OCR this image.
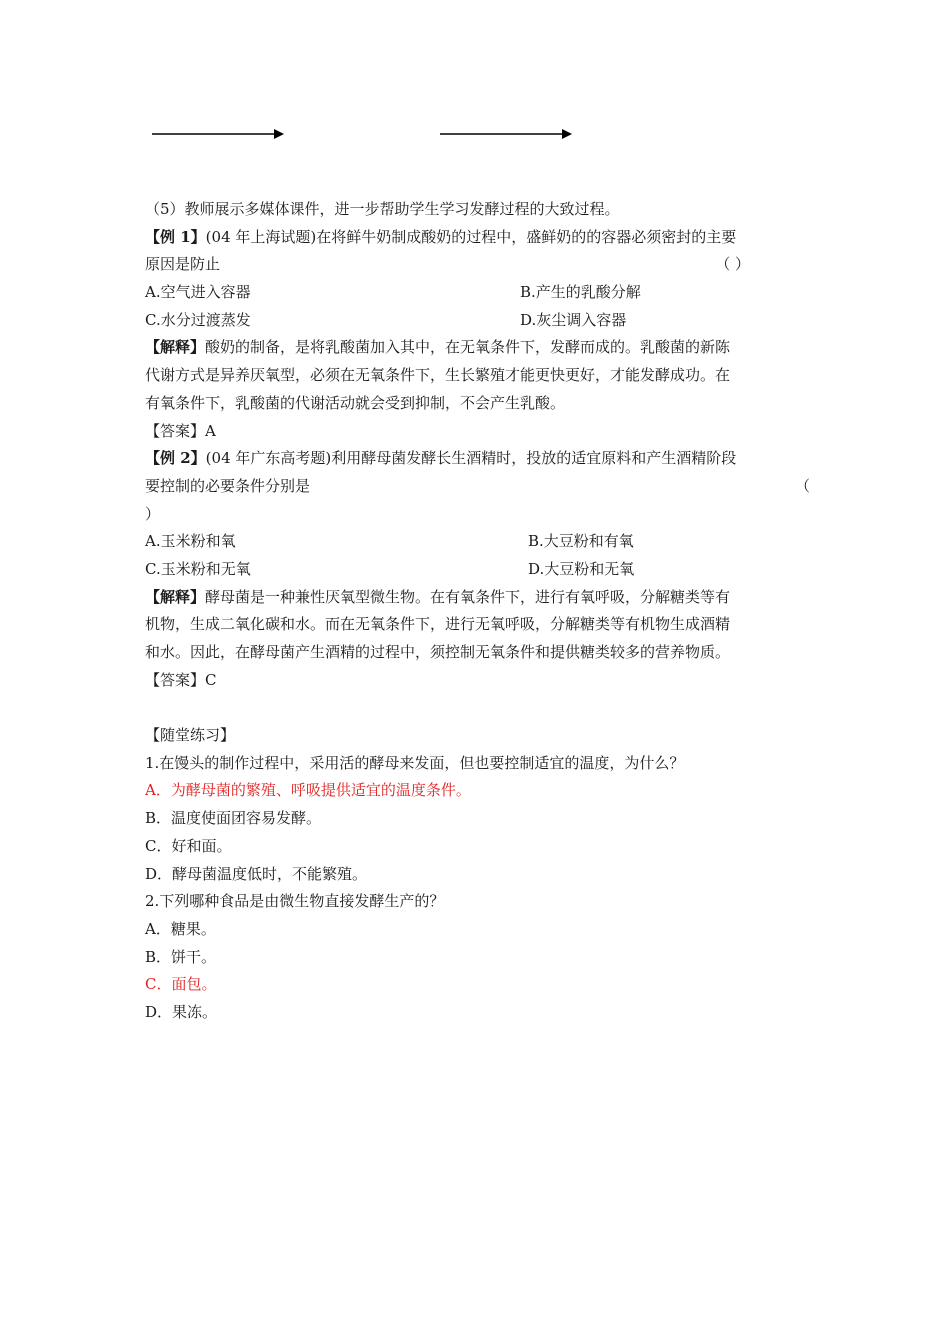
（5）教师展示多媒体课件，进一步帮助学生学习发酵过程的大致过程。
【例 1】(04 年上海试题)在将鲜牛奶制成酸奶的过程中，盛鲜奶的的容器必须密封的主要
原因是防止	（ ）
A.空气进入容器	B.产生的乳酸分解
C.水分过渡蒸发	D.灰尘调入容器
【解释】酸奶的制备，是将乳酸菌加入其中，在无氧条件下，发酵而成的。乳酸菌的新陈
代谢方式是异养厌氧型，必须在无氧条件下，生长繁殖才能更快更好，才能发酵成功。在
有氧条件下，乳酸菌的代谢活动就会受到抑制，不会产生乳酸。
【答案】A
【例 2】(04 年广东高考题)利用酵母菌发酵长生酒精时，投放的适宜原料和产生酒精阶段
要控制的必要条件分别是	（
）
A.玉米粉和氧	B.大豆粉和有氧
C.玉米粉和无氧	D.大豆粉和无氧
【解释】酵母菌是一种兼性厌氧型微生物。在有氧条件下，进行有氧呼吸，分解糖类等有
机物，生成二氧化碳和水。而在无氧条件下，进行无氧呼吸，分解糖类等有机物生成酒精
和水。因此，在酵母菌产生酒精的过程中，须控制无氧条件和提供糖类较多的营养物质。
【答案】C
【随堂练习】
1.在馒头的制作过程中，采用活的酵母来发面，但也要控制适宜的温度，为什么？
A．为酵母菌的繁殖、呼吸提供适宜的温度条件。
B．温度使面团容易发酵。
C．好和面。
D．酵母菌温度低时，不能繁殖。
2.下列哪种食品是由微生物直接发酵生产的？
A．糖果。
B．饼干。
C．面包。
D．果冻。
